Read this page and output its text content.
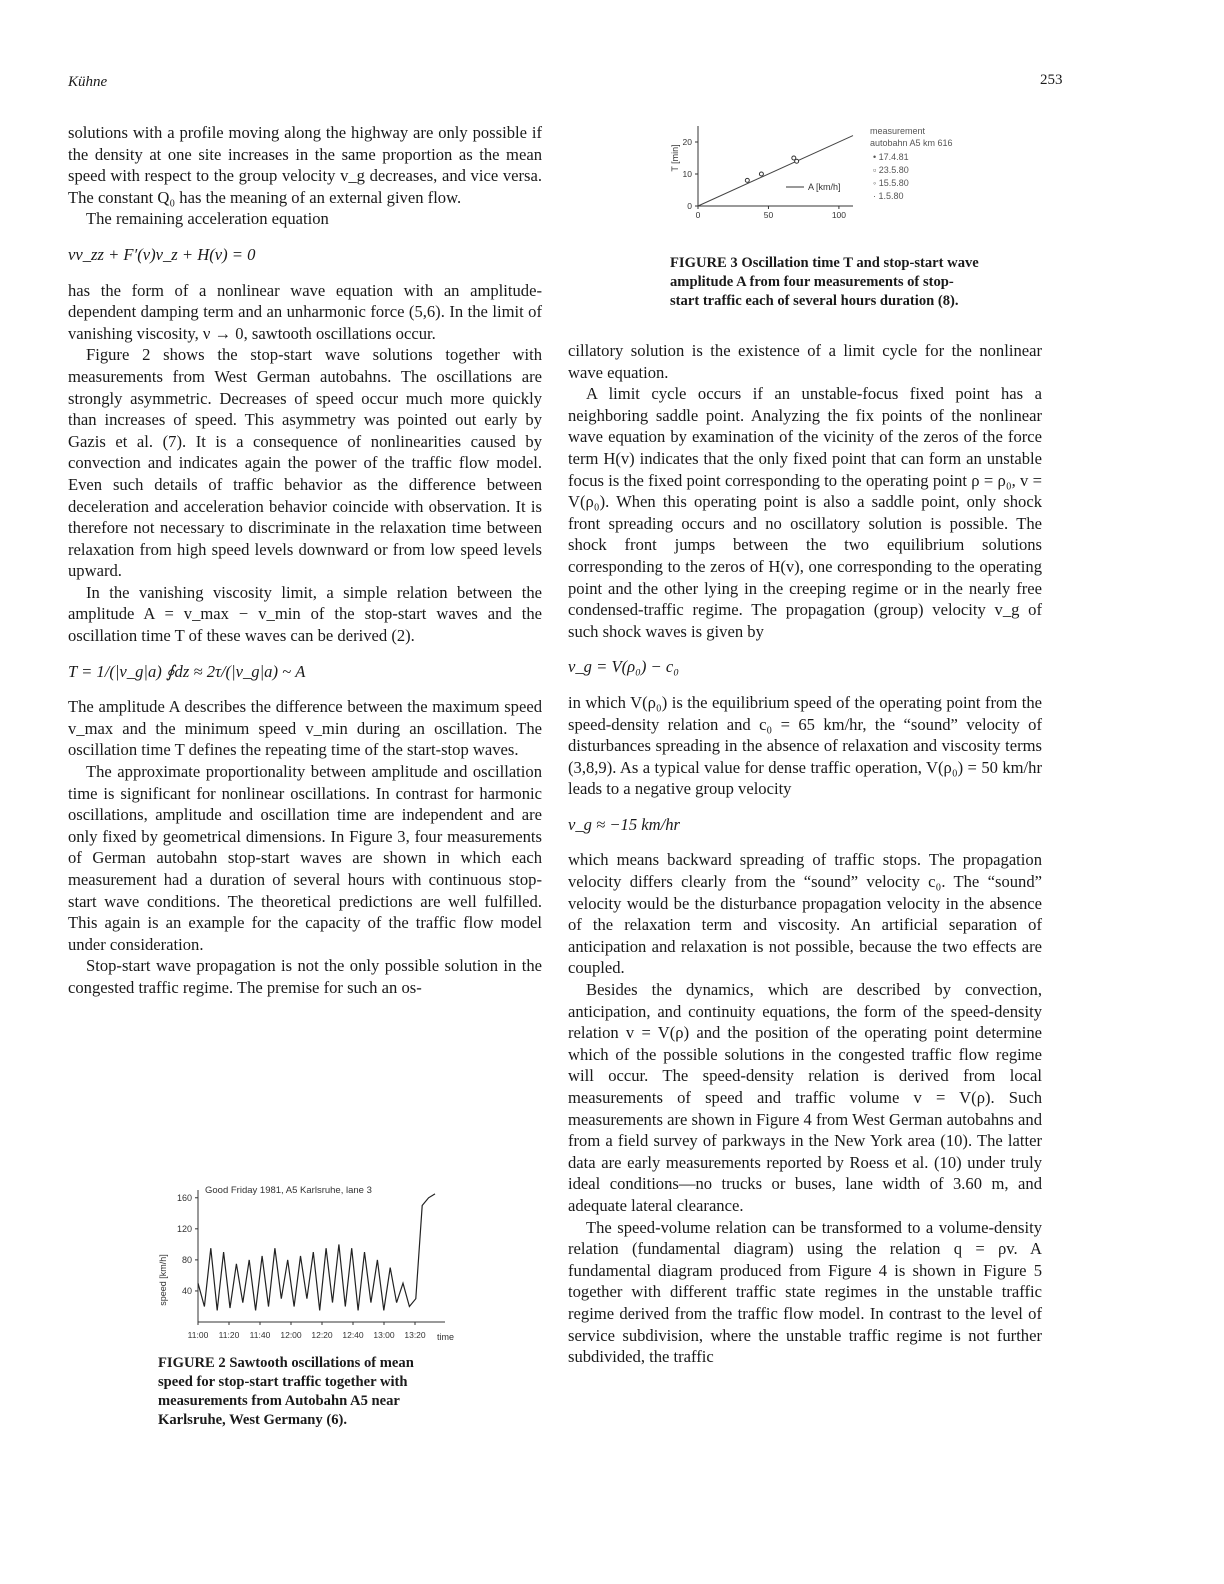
Kühne	253

solutions with a profile moving along the highway are only possible if the density at one site increases in the same proportion as the mean speed with respect to the group velocity v_g decreases, and vice versa. The constant Q₀ has the meaning of an external given flow.

The remaining acceleration equation

vv_zz + F′(v)v_z + H(v) = 0

has the form of a nonlinear wave equation with an amplitude-dependent damping term and an unharmonic force (5,6). In the limit of vanishing viscosity, ν → 0, sawtooth oscillations occur.

Figure 2 shows the stop-start wave solutions together with measurements from West German autobahns. The oscillations are strongly asymmetric. Decreases of speed occur much more quickly than increases of speed. This asymmetry was pointed out early by Gazis et al. (7). It is a consequence of nonlinearities caused by convection and indicates again the power of the traffic flow model. Even such details of traffic behavior as the difference between deceleration and acceleration behavior coincide with observation. It is therefore not necessary to discriminate in the relaxation time between relaxation from high speed levels downward or from low speed levels upward.

In the vanishing viscosity limit, a simple relation between the amplitude A = v_max − v_min of the stop-start waves and the oscillation time T of these waves can be derived (2).

T = 1/(|v_g|a) ∮dz ≈ 2τ/(|v_g|a) ~ A

The amplitude A describes the difference between the maximum speed v_max and the minimum speed v_min during an oscillation. The oscillation time T defines the repeating time of the start-stop waves.

The approximate proportionality between amplitude and oscillation time is significant for nonlinear oscillations. In contrast for harmonic oscillations, amplitude and oscillation time are independent and are only fixed by geometrical dimensions. In Figure 3, four measurements of German autobahn stop-start waves are shown in which each measurement had a duration of several hours with continuous stop-start wave conditions. The theoretical predictions are well fulfilled. This again is an example for the capacity of the traffic flow model under consideration.

Stop-start wave propagation is not the only possible solution in the congested traffic regime. The premise for such an os-

Good Friday 1981, A5 Karlsruhe, lane 3
speed [km/h]
time
160
120
80
40
11:00 11:20 11:40 12:00 12:20 12:40 13:00 13:20
FIGURE 2 Sawtooth oscillations of mean speed for stop-start traffic together with measurements from Autobahn A5 near Karlsruhe, West Germany (6).
T [min]
A [km/h]
measurement
autobahn A5 km 616
• 17.4.81
▫ 23.5.80
◦ 15.5.80
· 1.5.80
20
10
0
0	50	100
FIGURE 3 Oscillation time T and stop-start wave amplitude A from four measurements of stop-start traffic each of several hours duration (8).

cillatory solution is the existence of a limit cycle for the nonlinear wave equation.

A limit cycle occurs if an unstable-focus fixed point has a neighboring saddle point. Analyzing the fix points of the nonlinear wave equation by examination of the vicinity of the zeros of the force term H(v) indicates that the only fixed point that can form an unstable focus is the fixed point corresponding to the operating point ρ = ρ₀, v = V(ρ₀). When this operating point is also a saddle point, only shock front spreading occurs and no oscillatory solution is possible. The shock front jumps between the two equilibrium solutions corresponding to the zeros of H(v), one corresponding to the operating point and the other lying in the creeping regime or in the nearly free condensed-traffic regime. The propagation (group) velocity v_g of such shock waves is given by

v_g = V(ρ₀) − c₀

in which V(ρ₀) is the equilibrium speed of the operating point from the speed-density relation and c₀ = 65 km/hr, the “sound” velocity of disturbances spreading in the absence of relaxation and viscosity terms (3,8,9). As a typical value for dense traffic operation, V(ρ₀) = 50 km/hr leads to a negative group velocity

v_g ≈ −15 km/hr

which means backward spreading of traffic stops. The propagation velocity differs clearly from the “sound” velocity c₀. The “sound” velocity would be the disturbance propagation velocity in the absence of the relaxation term and viscosity. An artificial separation of anticipation and relaxation is not possible, because the two effects are coupled.

Besides the dynamics, which are described by convection, anticipation, and continuity equations, the form of the speed-density relation v = V(ρ) and the position of the operating point determine which of the possible solutions in the congested traffic flow regime will occur. The speed-density relation is derived from local measurements of speed and traffic volume v = V(ρ). Such measurements are shown in Figure 4 from West German autobahns and from a field survey of parkways in the New York area (10). The latter data are early measurements reported by Roess et al. (10) under truly ideal conditions—no trucks or buses, lane width of 3.60 m, and adequate lateral clearance.

The speed-volume relation can be transformed to a volume-density relation (fundamental diagram) using the relation q = ρv. A fundamental diagram produced from Figure 4 is shown in Figure 5 together with different traffic state regimes in the unstable traffic regime derived from the traffic flow model. In contrast to the level of service subdivision, where the unstable traffic regime is not further subdivided, the traffic
